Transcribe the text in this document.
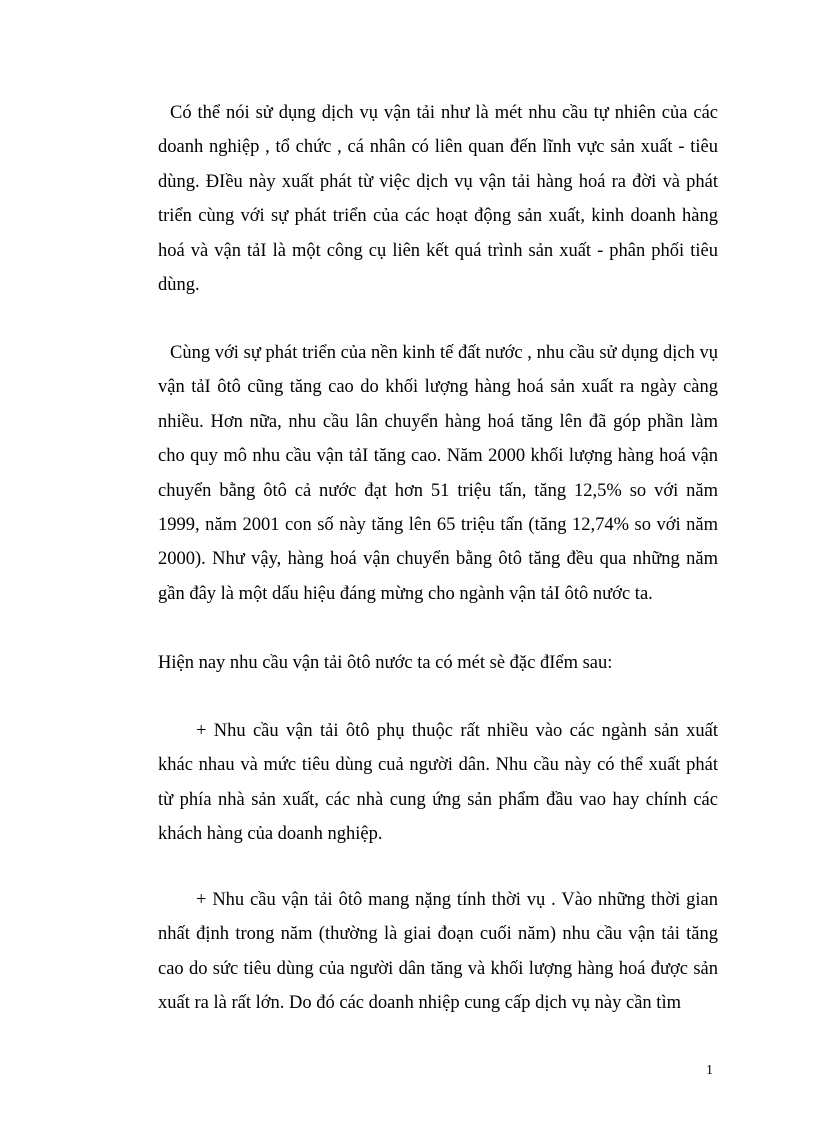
Có thể nói sử dụng dịch vụ vận tải như là mét nhu cầu tự nhiên của các doanh nghiệp , tổ chức , cá nhân có liên quan đến lĩnh vực sản xuất - tiêu dùng. ĐIều này xuất phát từ việc dịch vụ vận tải hàng hoá ra đời và phát triển cùng với sự phát triển của các hoạt động sản xuất, kinh doanh hàng hoá và vận tảI là một công cụ liên kết quá trình sản xuất - phân phối tiêu dùng.

Cùng với sự phát triển của nền kinh tế đất nước , nhu cầu sử dụng dịch vụ vận tảI ôtô cũng tăng cao do khối lượng hàng hoá sản xuất ra ngày càng nhiều. Hơn nữa, nhu cầu lân chuyển hàng hoá tăng lên đã góp phần làm cho quy mô nhu cầu vận tảI tăng cao. Năm 2000 khối lượng hàng hoá vận chuyển bằng ôtô cả nước đạt hơn 51 triệu tấn, tăng 12,5% so với năm 1999, năm 2001 con số này tăng lên 65 triệu tấn (tăng 12,74% so với năm 2000). Như vậy, hàng hoá vận chuyển bằng ôtô tăng đều qua những năm gần đây là một dấu hiệu đáng mừng cho ngành vận tảI ôtô nước ta.

Hiện nay nhu cầu vận tải ôtô nước ta có mét sè đặc đIểm sau:

+ Nhu cầu vận tải ôtô phụ thuộc rất nhiều vào các ngành sản xuất khác nhau và mức tiêu dùng cuả người dân. Nhu cầu này có thể xuất phát từ phía nhà sản xuất, các nhà cung ứng sản phẩm đầu vao hay chính các khách hàng của doanh nghiệp.

+ Nhu cầu vận tải ôtô mang nặng tính thời vụ . Vào những thời gian nhất định trong năm (thường là giai đoạn cuối năm) nhu cầu vận tải tăng cao do sức tiêu dùng của người dân tăng và khối lượng hàng hoá được sản xuất ra là rất lớn. Do đó các doanh nhiệp cung cấp dịch vụ này cần tìm

1
